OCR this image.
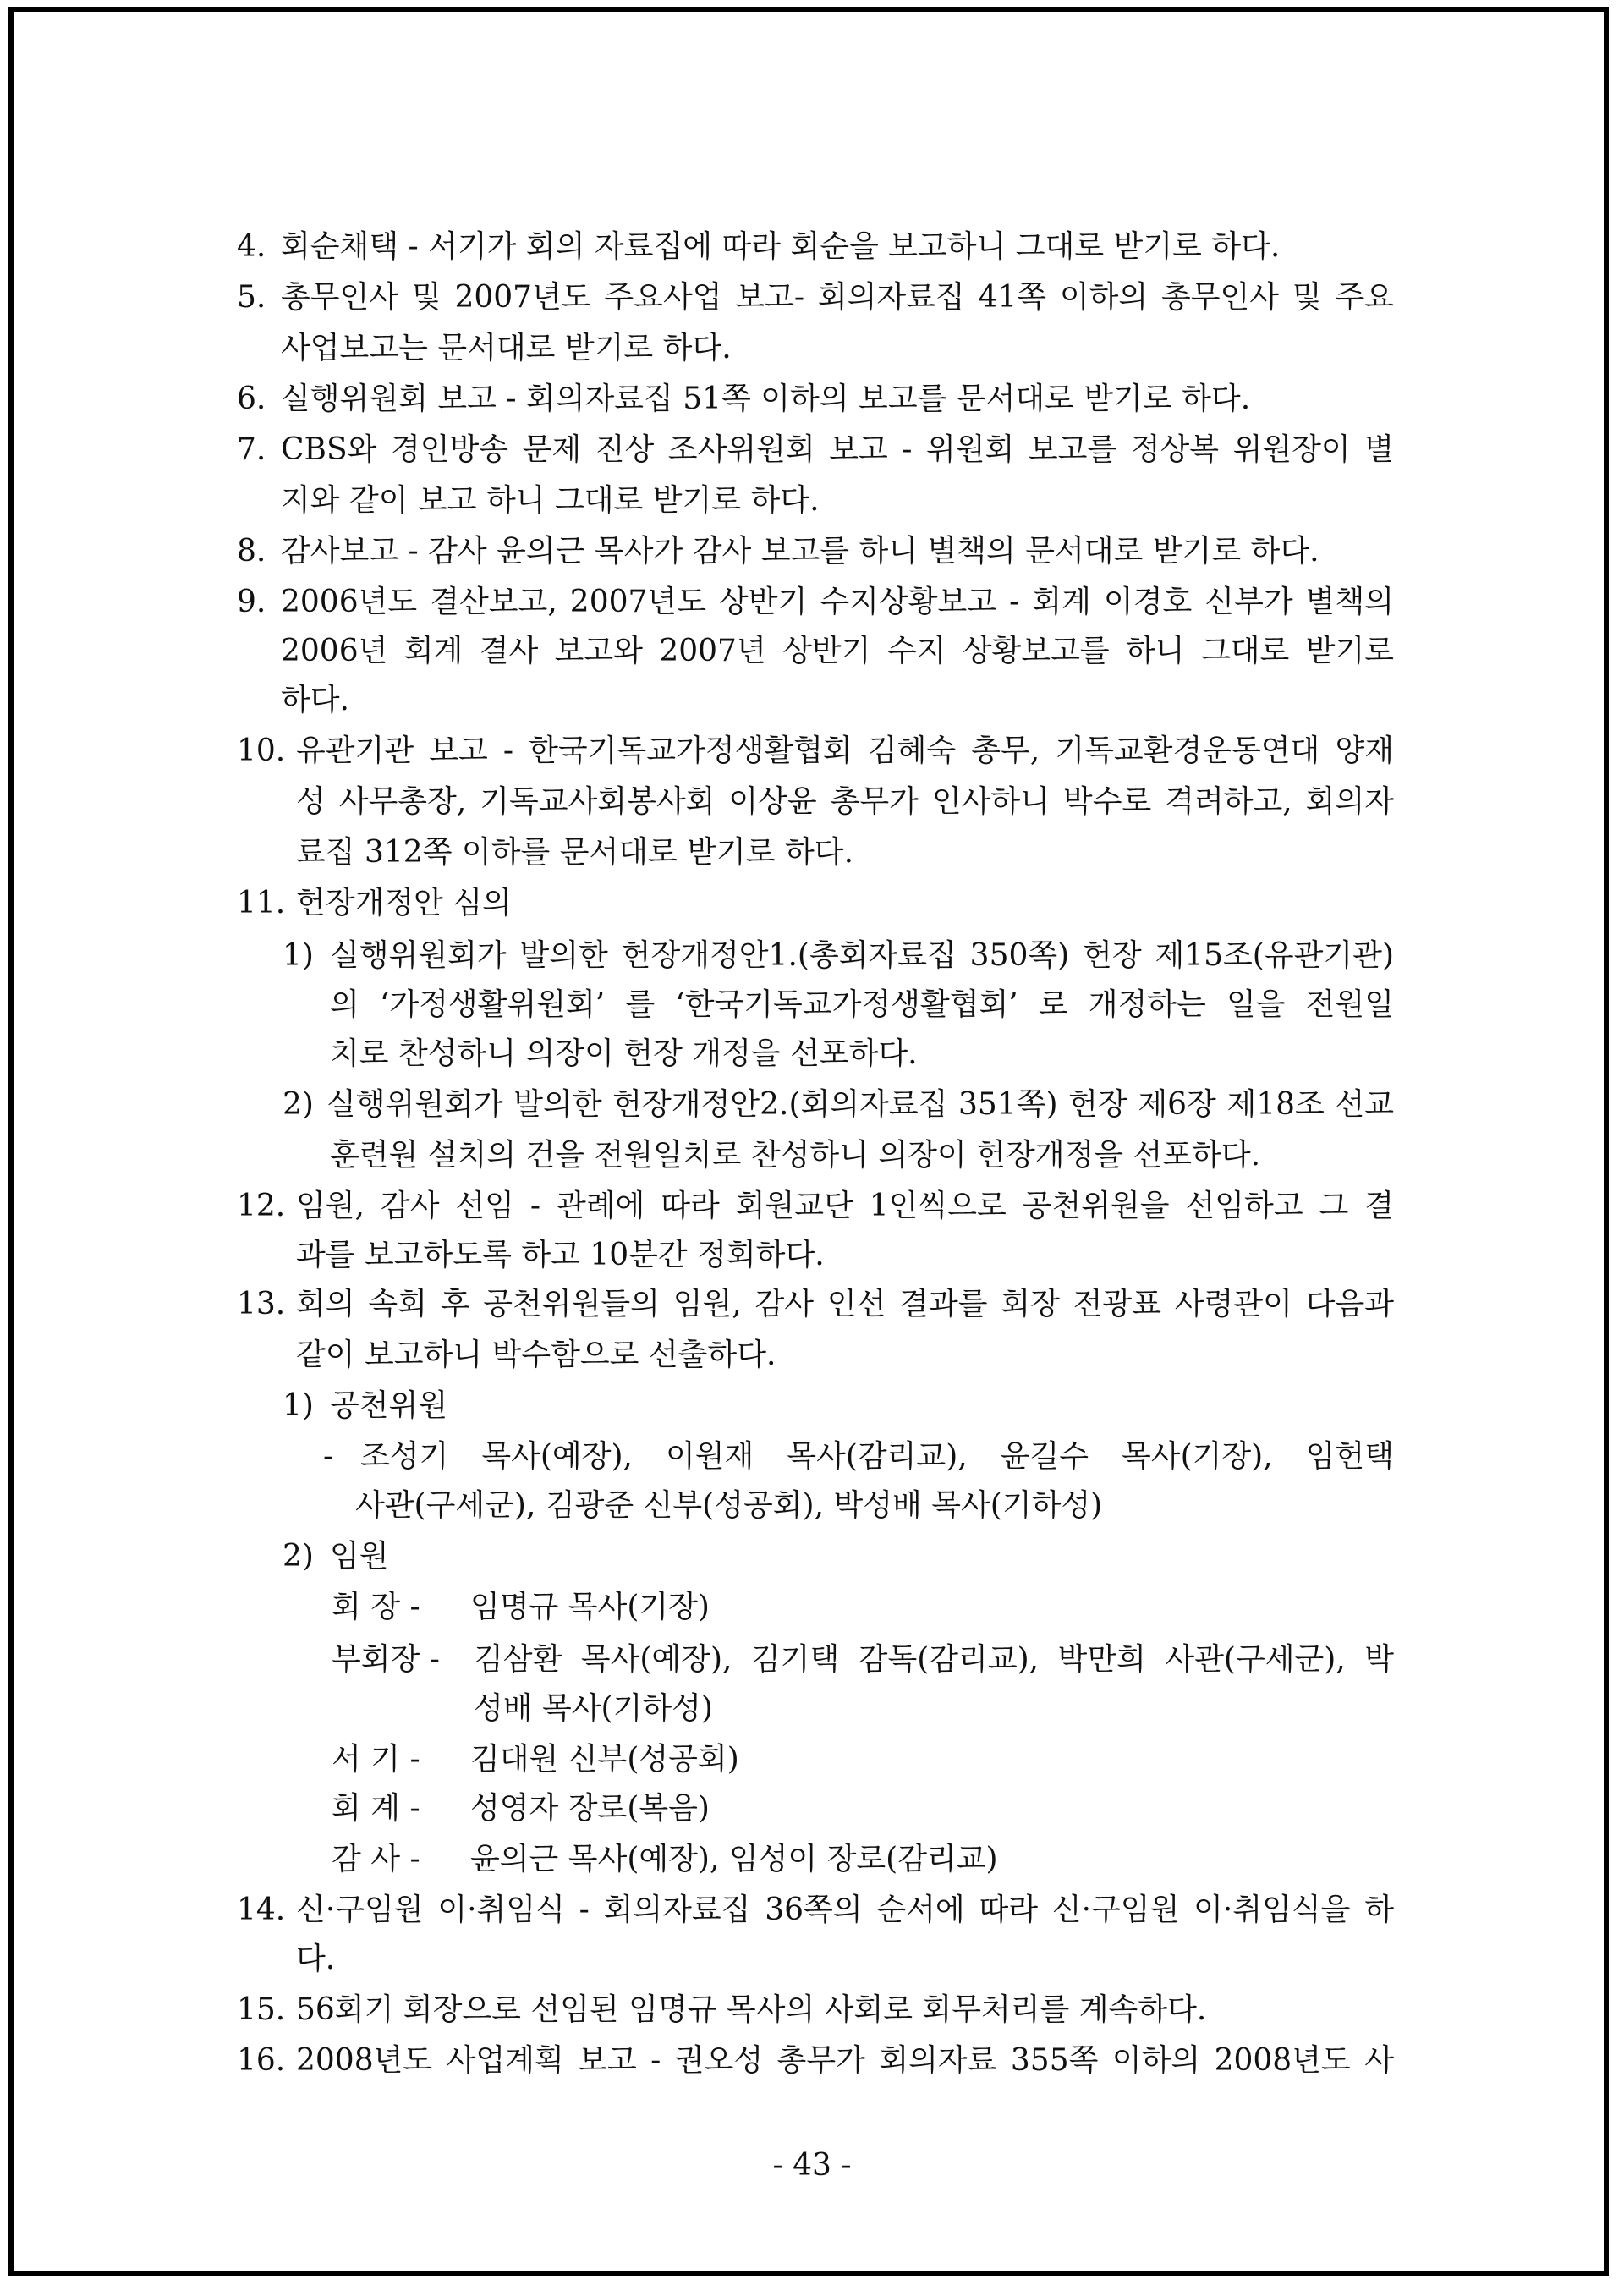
4. 회순채택 - 서기가 회의 자료집에 따라 회순을 보고하니 그대로 받기로 하다.
5. 총무인사 및 2007년도 주요사업 보고- 회의자료집 41쪽 이하의 총무인사 및 주요
사업보고는 문서대로 받기로 하다.
6. 실행위원회 보고 - 회의자료집 51쪽 이하의 보고를 문서대로 받기로 하다.
7. CBS와 경인방송 문제 진상 조사위원회 보고 - 위원회 보고를 정상복 위원장이 별
지와 같이 보고 하니 그대로 받기로 하다.
8. 감사보고 - 감사 윤의근 목사가 감사 보고를 하니 별책의 문서대로 받기로 하다.
9. 2006년도 결산보고, 2007년도 상반기 수지상황보고 - 회계 이경호 신부가 별책의
2006년 회계 결사 보고와 2007년 상반기 수지 상황보고를 하니 그대로 받기로
하다.
10. 유관기관 보고 - 한국기독교가정생활협회 김혜숙 총무, 기독교환경운동연대 양재
성 사무총장, 기독교사회봉사회 이상윤 총무가 인사하니 박수로 격려하고, 회의자
료집 312쪽 이하를 문서대로 받기로 하다.
11. 헌장개정안 심의
1) 실행위원회가 발의한 헌장개정안1.(총회자료집 350쪽) 헌장 제15조(유관기관)
의 ‘가정생활위원회’ 를 ‘한국기독교가정생활협회’ 로 개정하는 일을 전원일
치로 찬성하니 의장이 헌장 개정을 선포하다.
2) 실행위원회가 발의한 헌장개정안2.(회의자료집 351쪽) 헌장 제6장 제18조 선교
훈련원 설치의 건을 전원일치로 찬성하니 의장이 헌장개정을 선포하다.
12. 임원, 감사 선임 - 관례에 따라 회원교단 1인씩으로 공천위원을 선임하고 그 결
과를 보고하도록 하고 10분간 정회하다.
13. 회의 속회 후 공천위원들의 임원, 감사 인선 결과를 회장 전광표 사령관이 다음과
같이 보고하니 박수함으로 선출하다.
1) 공천위원
- 조성기 목사(예장), 이원재 목사(감리교), 윤길수 목사(기장), 임헌택
사관(구세군), 김광준 신부(성공회), 박성배 목사(기하성)
2) 임원
회 장 - 임명규 목사(기장)
부회장 - 김삼환 목사(예장), 김기택 감독(감리교), 박만희 사관(구세군), 박
성배 목사(기하성)
서 기 - 김대원 신부(성공회)
회 계 - 성영자 장로(복음)
감 사 - 윤의근 목사(예장), 임성이 장로(감리교)
14. 신·구임원 이·취임식 - 회의자료집 36쪽의 순서에 따라 신·구임원 이·취임식을 하
다.
15. 56회기 회장으로 선임된 임명규 목사의 사회로 회무처리를 계속하다.
16. 2008년도 사업계획 보고 - 권오성 총무가 회의자료 355쪽 이하의 2008년도 사
- 43 -
